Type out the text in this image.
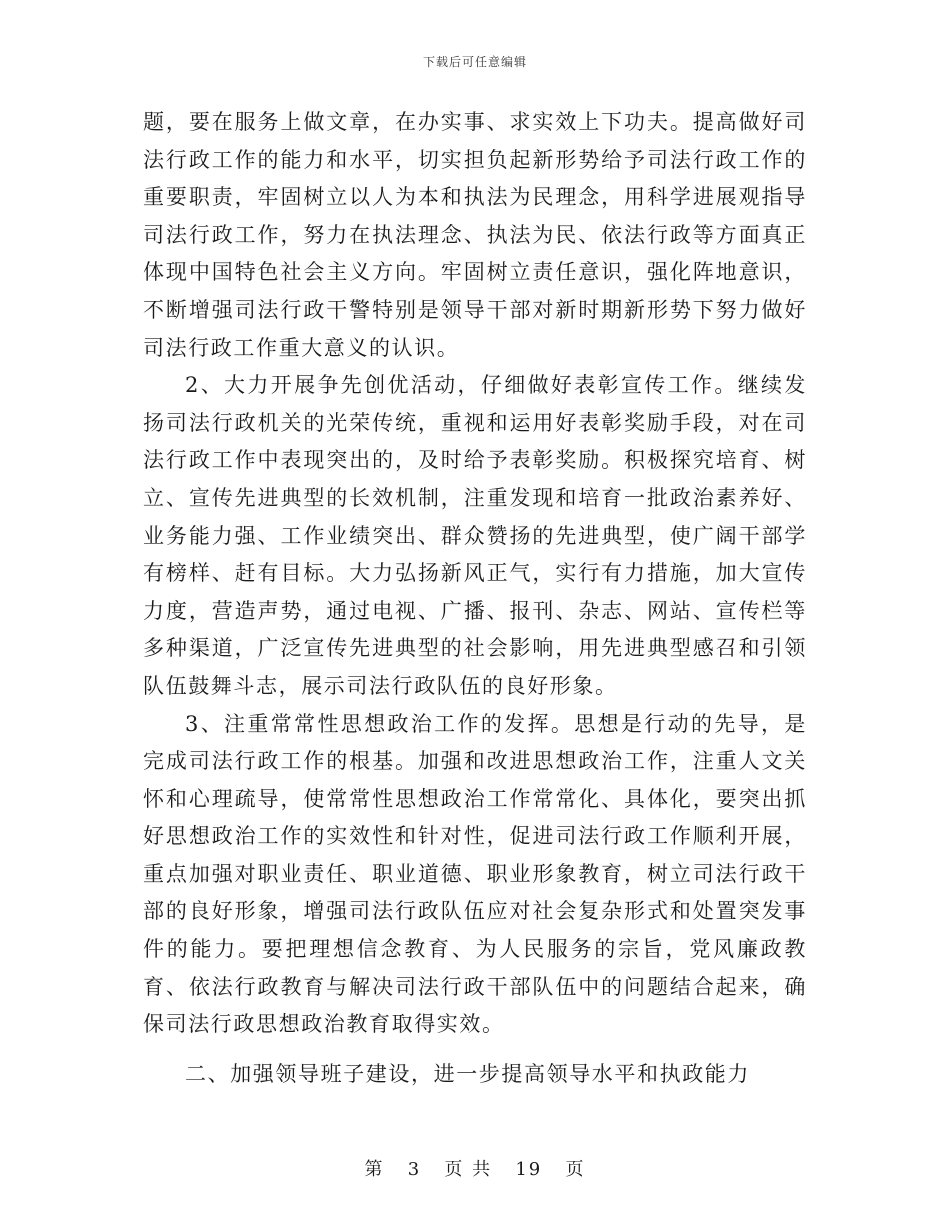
下载后可任意编辑

题，要在服务上做文章，在办实事、求实效上下功夫。提高做好司法行政工作的能力和水平，切实担负起新形势给予司法行政工作的重要职责，牢固树立以人为本和执法为民理念，用科学进展观指导司法行政工作，努力在执法理念、执法为民、依法行政等方面真正体现中国特色社会主义方向。牢固树立责任意识，强化阵地意识，不断增强司法行政干警特别是领导干部对新时期新形势下努力做好司法行政工作重大意义的认识。

2、大力开展争先创优活动，仔细做好表彰宣传工作。继续发扬司法行政机关的光荣传统，重视和运用好表彰奖励手段，对在司法行政工作中表现突出的，及时给予表彰奖励。积极探究培育、树立、宣传先进典型的长效机制，注重发现和培育一批政治素养好、业务能力强、工作业绩突出、群众赞扬的先进典型，使广阔干部学有榜样、赶有目标。大力弘扬新风正气，实行有力措施，加大宣传力度，营造声势，通过电视、广播、报刊、杂志、网站、宣传栏等多种渠道，广泛宣传先进典型的社会影响，用先进典型感召和引领队伍鼓舞斗志，展示司法行政队伍的良好形象。

3、注重常常性思想政治工作的发挥。思想是行动的先导，是完成司法行政工作的根基。加强和改进思想政治工作，注重人文关怀和心理疏导，使常常性思想政治工作常常化、具体化，要突出抓好思想政治工作的实效性和针对性，促进司法行政工作顺利开展，重点加强对职业责任、职业道德、职业形象教育，树立司法行政干部的良好形象，增强司法行政队伍应对社会复杂形式和处置突发事件的能力。要把理想信念教育、为人民服务的宗旨，党风廉政教育、依法行政教育与解决司法行政干部队伍中的问题结合起来，确保司法行政思想政治教育取得实效。

二、加强领导班子建设，进一步提高领导水平和执政能力

第 3 页 共 19 页
